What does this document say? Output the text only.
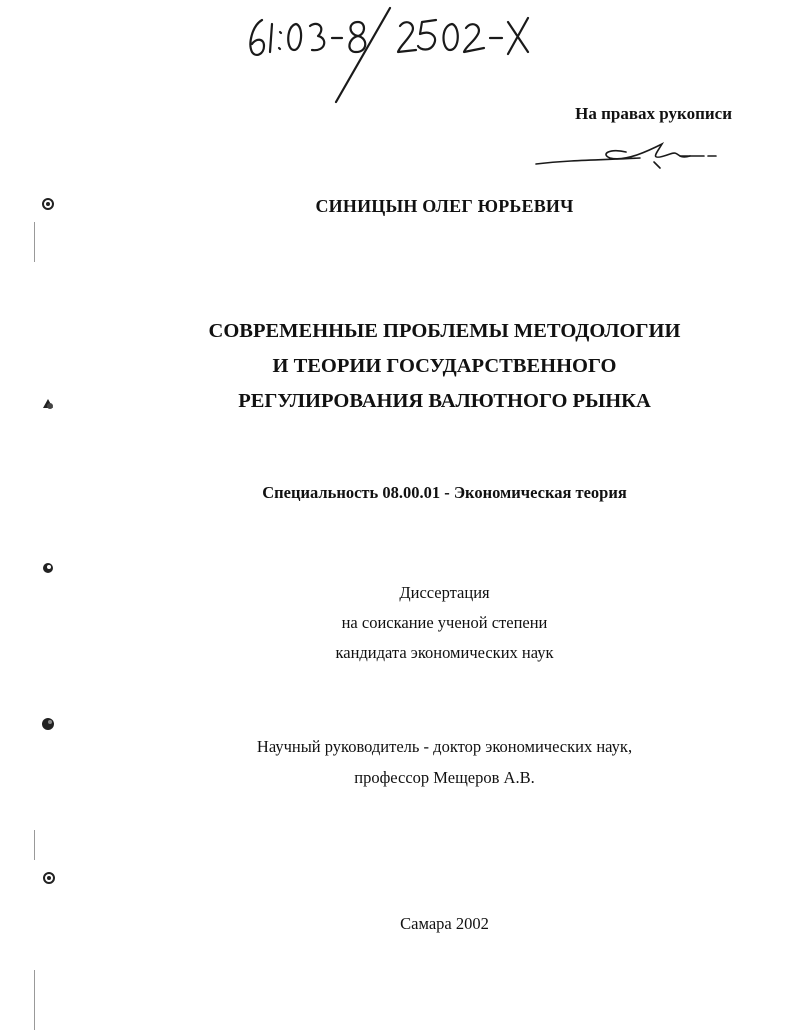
На правах рукописи
СИНИЦЫН ОЛЕГ ЮРЬЕВИЧ
СОВРЕМЕННЫЕ ПРОБЛЕМЫ МЕТОДОЛОГИИ
И ТЕОРИИ ГОСУДАРСТВЕННОГО
РЕГУЛИРОВАНИЯ ВАЛЮТНОГО РЫНКА
Специальность 08.00.01 - Экономическая теория
Диссертация
на соискание ученой степени
кандидата экономических наук
Научный руководитель - доктор экономических наук,
профессор Мещеров А.В.
Самара 2002
